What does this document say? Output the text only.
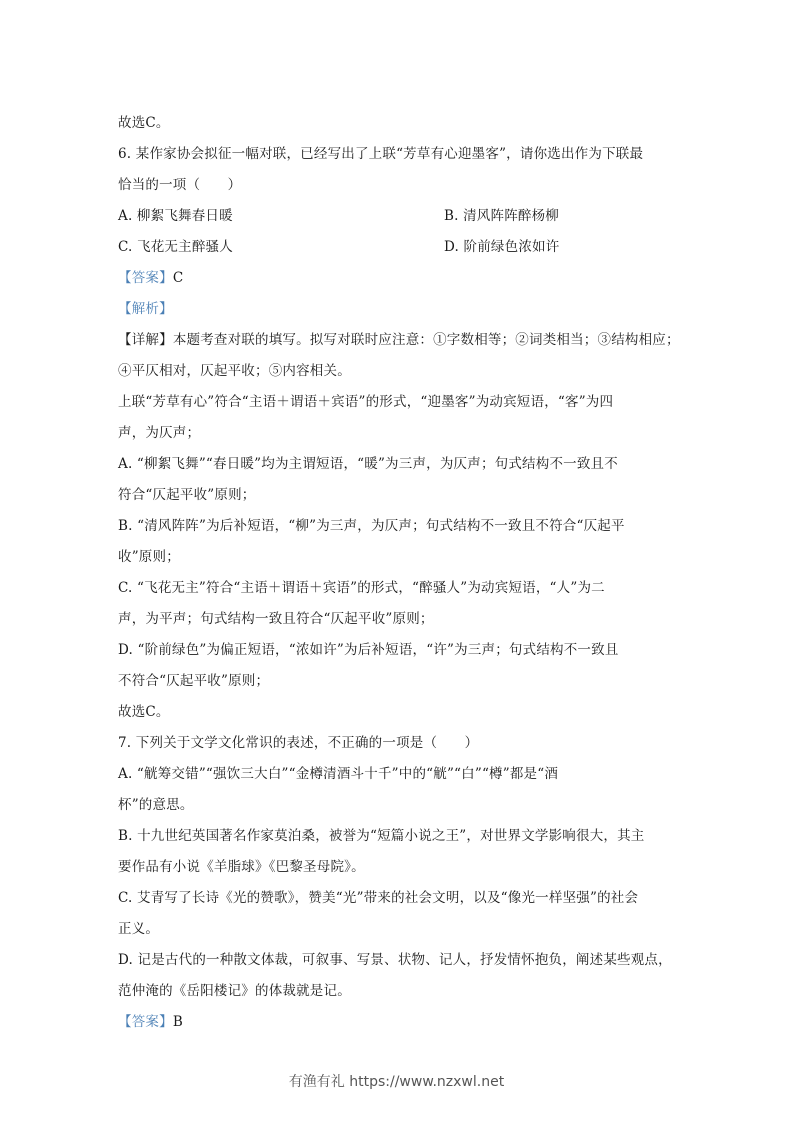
故选C。
6. 某作家协会拟征一幅对联，已经写出了上联“芳草有心迎墨客”，请你选出作为下联最
恰当的一项（　　）
A. 柳絮飞舞春日暖	B. 清风阵阵醉杨柳
C. 飞花无主醉骚人	D. 阶前绿色浓如许
【答案】C
【解析】
【详解】本题考查对联的填写。拟写对联时应注意：①字数相等；②词类相当；③结构相应；
④平仄相对，仄起平收；⑤内容相关。
上联“芳草有心”符合“主语＋谓语＋宾语”的形式，“迎墨客”为动宾短语，“客”为四
声，为仄声；
A. “柳絮飞舞”“春日暖”均为主谓短语，“暖”为三声，为仄声；句式结构不一致且不
符合“仄起平收”原则；
B. “清风阵阵”为后补短语，“柳”为三声，为仄声；句式结构不一致且不符合“仄起平
收”原则；
C. “飞花无主”符合“主语＋谓语＋宾语”的形式，“醉骚人”为动宾短语，“人”为二
声，为平声；句式结构一致且符合“仄起平收”原则；
D. “阶前绿色”为偏正短语，“浓如许”为后补短语，“许”为三声；句式结构不一致且
不符合“仄起平收”原则；
故选C。
7. 下列关于文学文化常识的表述，不正确的一项是（　　）
A. “觥筹交错”“强饮三大白”“金樽清酒斗十千”中的“觥”“白”“樽”都是“酒
杯”的意思。
B. 十九世纪英国著名作家莫泊桑，被誉为“短篇小说之王”，对世界文学影响很大，其主
要作品有小说《羊脂球》《巴黎圣母院》。
C. 艾青写了长诗《光的赞歌》，赞美“光”带来的社会文明，以及“像光一样坚强”的社会
正义。
D. 记是古代的一种散文体裁，可叙事、写景、状物、记人，抒发情怀抱负，阐述某些观点，
范仲淹的《岳阳楼记》的体裁就是记。
【答案】B
有渔有礼 https://www.nzxwl.net
